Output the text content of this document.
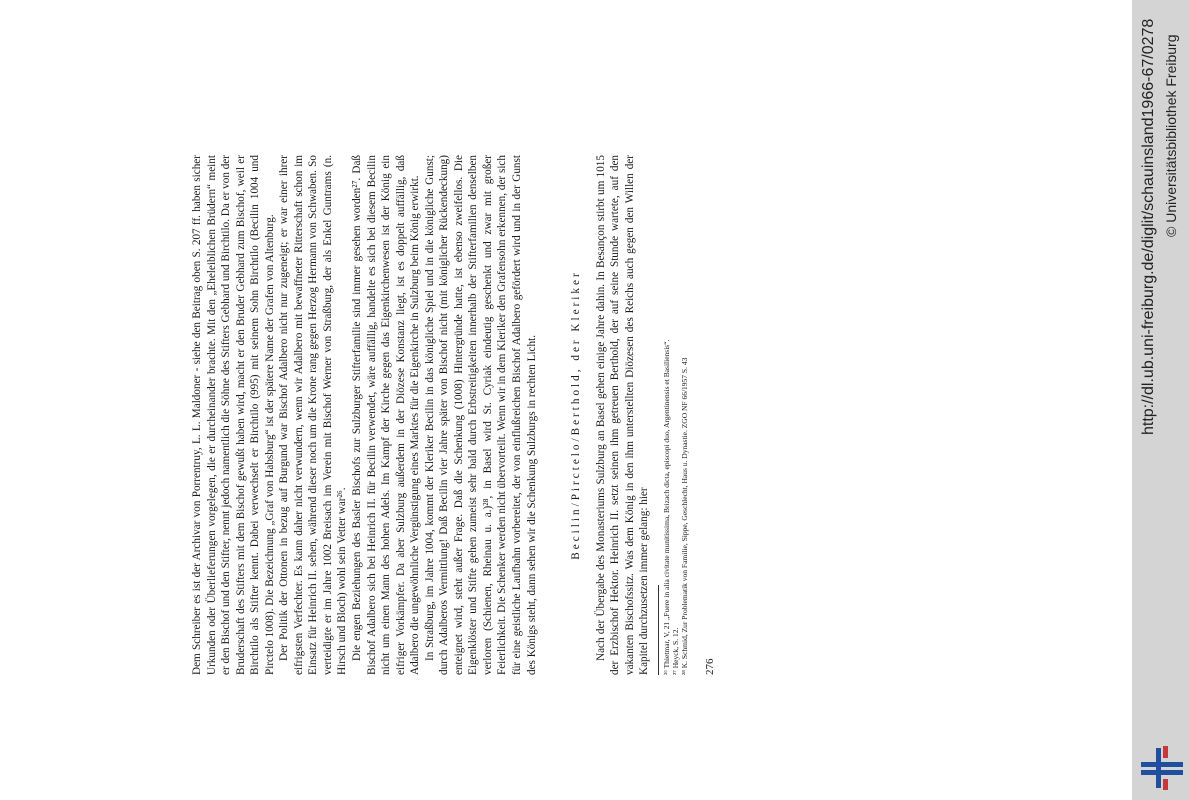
Dem Schreiber es ist der Archivar von Porrentruy, L. L. Maldoner - siehe den Beitrag oben S. 207 ff. haben sicher Urkunden oder Überlieferungen vorgelegen, die er durcheinander brachte. Mit den „Eheleiblichen Brüdern“ meint er den Bischof und den Stifter, nennt jedoch namentlich die Söhne des Stifters Gebhard und Birchtilo. Da er von der Bruderschaft des Stifters mit dem Bischof gewußt haben wird, macht er den Bruder Gebhard zum Bischof, weil er Birchtilo als Stifter kennt. Dabei verwechselt er Birchtilo (995) mit seinem Sohn Birchtilo (Becilin 1004 und Pirctelo 1008). Die Bezeichnung „Graf von Habsburg“ ist der spätere Name der Grafen von Altenburg. Der Politik der Ottonen in bezug auf Burgund war Bischof Adalbero nicht nur zugeneigt; er war einer ihrer eifrigsten Verfechter. Es kann daher nicht verwundern, wenn wir Adalbero mit bewaffneter Ritterschaft schon im Einsatz für Heinrich II. sehen, während dieser noch um die Krone rang gegen Herzog Hermann von Schwaben. So verteidigte er im Jahre 1002 Breisach im Verein mit Bischof Werner von Straßburg, der als Enkel Guntrams (n. Hirsch und Bloch) wohl sein Vetter war²⁶. Die engen Beziehungen des Basler Bischofs zur Sulzburger Stifterfamilie sind immer gesehen worden²⁷. Daß Bischof Adalbero sich bei Heinrich II. für Becilin verwendet, wäre auffällig, handelte es sich bei diesem Becilin nicht um einen Mann des hohen Adels. Im Kampf der Kirche gegen das Eigenkirchenwesen ist der König ein eifriger Vorkämpfer. Da aber Sulzburg außerdem in der Diözese Konstanz liegt, ist es doppelt auffällig, daß Adalbero die ungewöhnliche Vergünstigung eines Marktes für die Eigenkirche in Sulzburg beim König erwirkt. In Straßburg, im Jahre 1004, kommt der Kleriker Becilin in das königliche Spiel und in die königliche Gunst; durch Adalberos Vermittlung! Daß Becilin vier Jahre später von Bischof nicht (mit königlicher Rückendeckung) enteignet wird, steht außer Frage. Daß die Schenkung (1008) Hintergründe hatte, ist ebenso zweifellos. Die Eigenklöster und Stifte gehen zumeist sehr bald durch Erbstreitigkeiten innerhalb der Stifterfamilien denselben verloren (Schienen, Rheinau u. a.)²⁸, in Basel wird St. Cyriak eindeutig geschenkt und zwar mit großer Feierlichkeit. Die Schenker werden nicht übervorteilt. Wenn wir in dem Kleriker den Grafensohn erkennen, der sich für eine geistliche Laufbahn vorbereitet, der von einflußreichen Bischof Adalbero gefördert wird und in der Gunst des Königs steht, dann sehen wir die Schenkung Sulzburgs in rechten Licht.	Becilin/Pirctelo/Berthold, der Kleriker Nach der Übergabe des Monasteriums Sulzburg an Basel gehen einige Jahre dahin. In Besançon stirbt um 1015 der Erzbischof Hektor. Heinrich II. setzt seinen ihm getreuen Berthold, der auf seine Stunde wartete, auf den vakanten Bischofssitz. Was dem König in den ihm unterstellten Diözesen des Reichs auch gegen den Willen der Kapitel durchzusetzen immer gelang: hier ²⁶ Thietmar, V, 21 „Fuere in alia civitate munitissima, Brizach dicta, episcopi duo, Argentinensis et Basiliensis“. ²⁷ Heyck, S. 12. ²⁸ K. Schmid, Zur Problematik von Familie, Sippe, Geschlecht, Haus u. Dynastie. ZGO NF 66/1957 S. 43 276
http://dl.ub.uni-freiburg.de/diglit/schauinsland1966-67/0278 © Universitätsbibliothek Freiburg
